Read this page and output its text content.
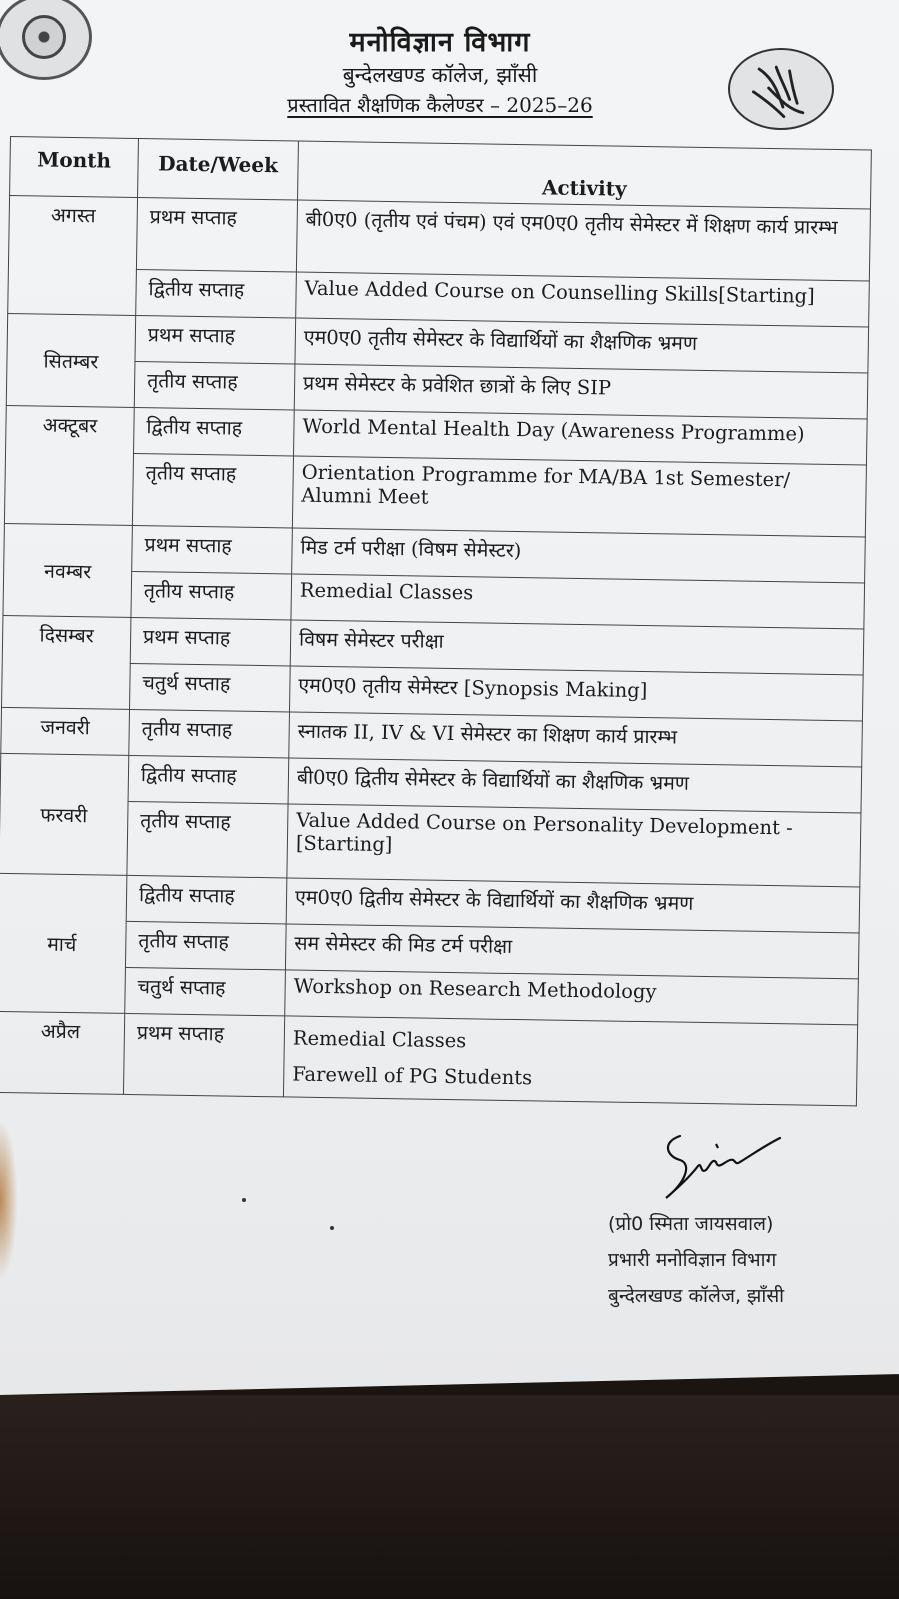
मनोविज्ञान विभाग
बुन्देलखण्ड कॉलेज, झाँसी
प्रस्तावित शैक्षणिक कैलेण्डर – 2025–26
Month	Date/Week	Activity
अगस्त	प्रथम सप्ताह	बी0ए0 (तृतीय एवं पंचम) एवं एम0ए0 तृतीय सेमेस्टर में शिक्षण कार्य प्रारम्भ
	द्वितीय सप्ताह	Value Added Course on Counselling Skills[Starting]
सितम्बर	प्रथम सप्ताह	एम0ए0 तृतीय सेमेस्टर के विद्यार्थियों का शैक्षणिक भ्रमण
	तृतीय सप्ताह	प्रथम सेमेस्टर के प्रवेशित छात्रों के लिए SIP
अक्टूबर	द्वितीय सप्ताह	World Mental Health Day (Awareness Programme)
	तृतीय सप्ताह	Orientation Programme for MA/BA 1st Semester/ Alumni Meet
नवम्बर	प्रथम सप्ताह	मिड टर्म परीक्षा (विषम सेमेस्टर)
	तृतीय सप्ताह	Remedial Classes
दिसम्बर	प्रथम सप्ताह	विषम सेमेस्टर परीक्षा
	चतुर्थ सप्ताह	एम0ए0 तृतीय सेमेस्टर [Synopsis Making]
जनवरी	तृतीय सप्ताह	स्नातक II, IV & VI सेमेस्टर का शिक्षण कार्य प्रारम्भ
फरवरी	द्वितीय सप्ताह	बी0ए0 द्वितीय सेमेस्टर के विद्यार्थियों का शैक्षणिक भ्रमण
	तृतीय सप्ताह	Value Added Course on Personality Development - [Starting]
मार्च	द्वितीय सप्ताह	एम0ए0 द्वितीय सेमेस्टर के विद्यार्थियों का शैक्षणिक भ्रमण
	तृतीय सप्ताह	सम सेमेस्टर की मिड टर्म परीक्षा
	चतुर्थ सप्ताह	Workshop on Research Methodology
अप्रैल	प्रथम सप्ताह	Remedial Classes
Farewell of PG Students
(प्रो0 स्मिता जायसवाल)
प्रभारी मनोविज्ञान विभाग
बुन्देलखण्ड कॉलेज, झाँसी
